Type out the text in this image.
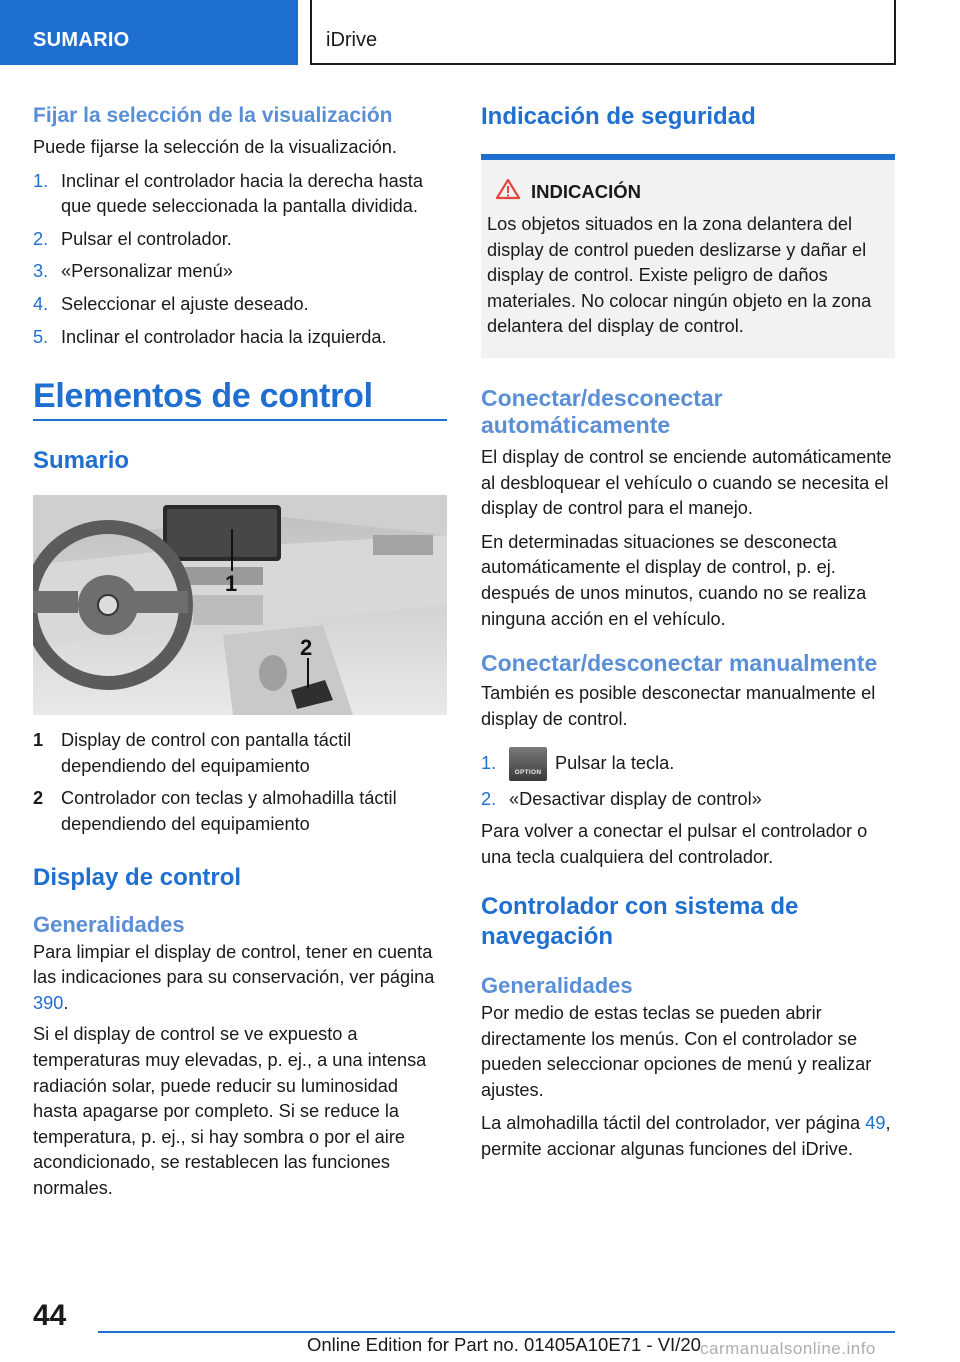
SUMARIO	iDrive
Fijar la selección de la visualización
Puede fijarse la selección de la visualización.
1. Inclinar el controlador hacia la derecha hasta que quede seleccionada la pantalla dividida.
2. Pulsar el controlador.
3. «Personalizar menú»
4. Seleccionar el ajuste deseado.
5. Inclinar el controlador hacia la izquierda.
Elementos de control
Sumario
1
2
1 Display de control con pantalla táctil dependiendo del equipamiento
2 Controlador con teclas y almohadilla táctil dependiendo del equipamiento
Display de control
Generalidades
Para limpiar el display de control, tener en cuenta las indicaciones para su conservación, ver página 390.
Si el display de control se ve expuesto a temperaturas muy elevadas, p. ej., a una intensa radiación solar, puede reducir su luminosidad hasta apagarse por completo. Si se reduce la temperatura, p. ej., si hay sombra o por el aire acondicionado, se restablecen las funciones normales.
Indicación de seguridad
INDICACIÓN
Los objetos situados en la zona delantera del display de control pueden deslizarse y dañar el display de control. Existe peligro de daños materiales. No colocar ningún objeto en la zona delantera del display de control.
Conectar/desconectar automáticamente
El display de control se enciende automáticamente al desbloquear el vehículo o cuando se necesita el display de control para el manejo.
En determinadas situaciones se desconecta automáticamente el display de control, p. ej. después de unos minutos, cuando no se realiza ninguna acción en el vehículo.
Conectar/desconectar manualmente
También es posible desconectar manualmente el display de control.
1.	OPTION Pulsar la tecla.
2. «Desactivar display de control»
Para volver a conectar el pulsar el controlador o una tecla cualquiera del controlador.
Controlador con sistema de navegación
Generalidades
Por medio de estas teclas se pueden abrir directamente los menús. Con el controlador se pueden seleccionar opciones de menú y realizar ajustes.
La almohadilla táctil del controlador, ver página 49, permite accionar algunas funciones del iDrive.
44
Online Edition for Part no. 01405A10E71 - VI/20 carmanualsonline.info
